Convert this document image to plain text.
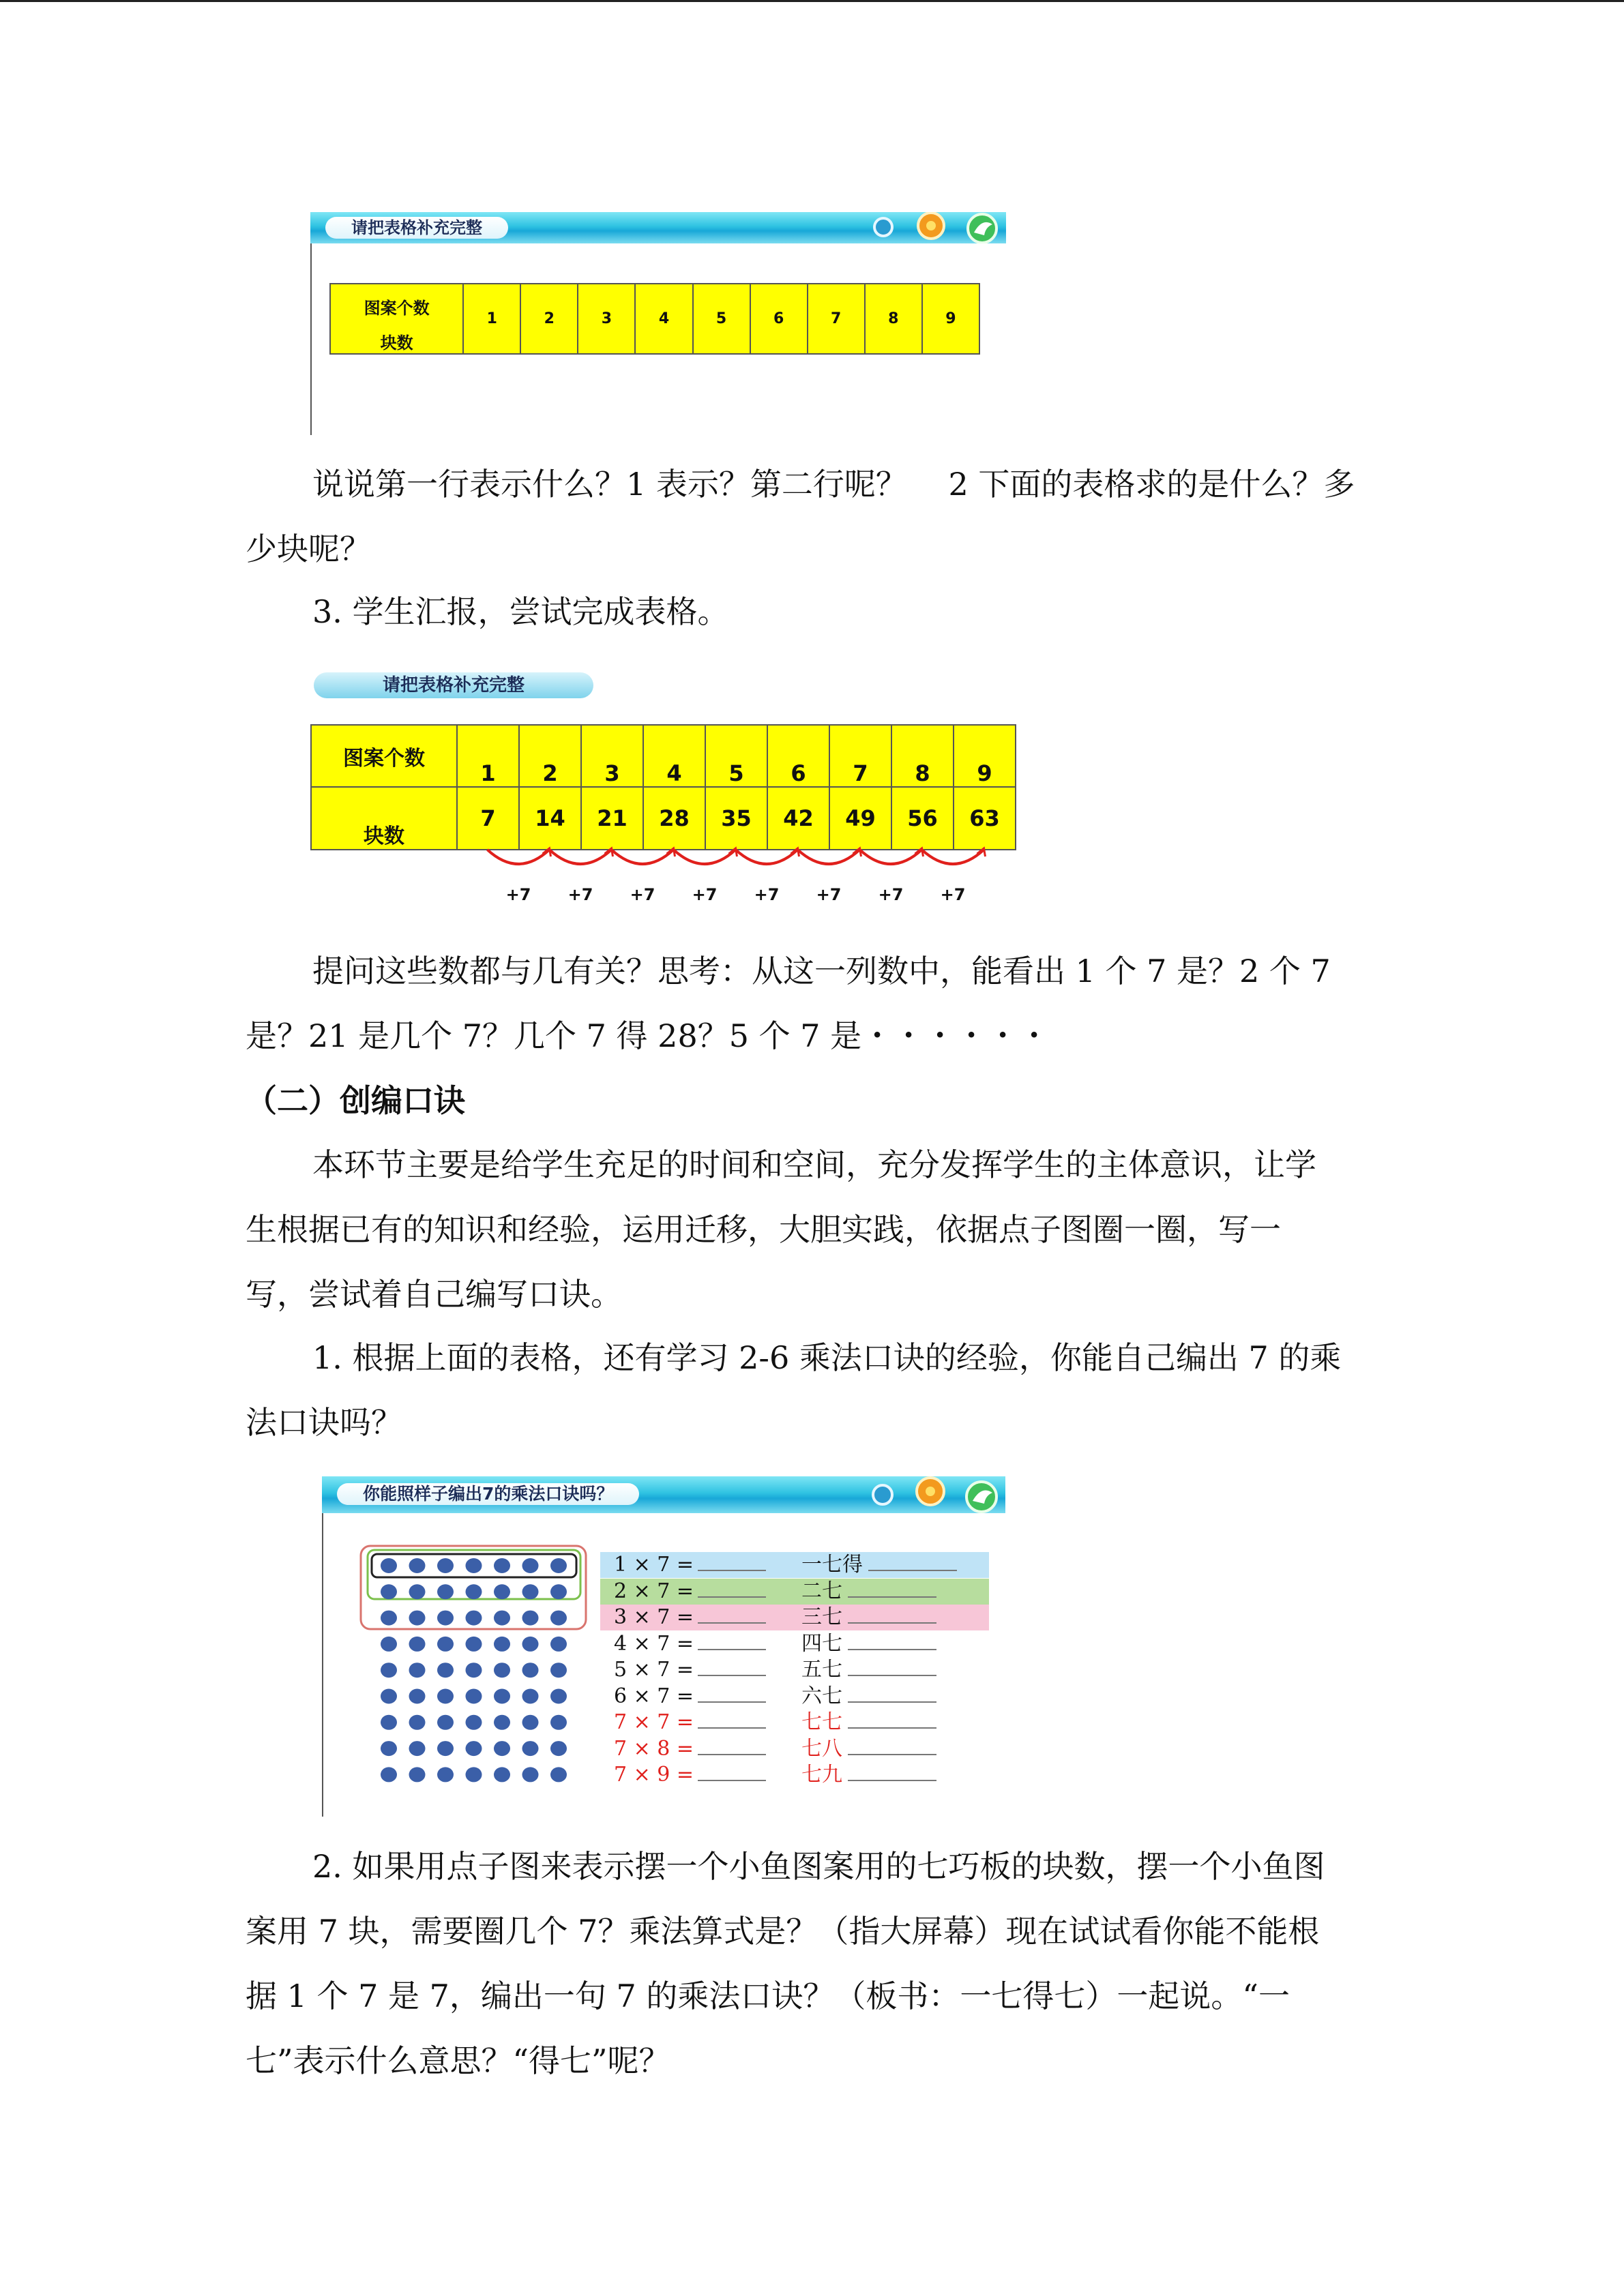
请把表格补充完整
图案个数	1	2	3	4	5	6	7	8	9
块数

说说第一行表示什么？1 表示？第二行呢？　 2 下面的表格求的是什么？多
少块呢？

3. 学生汇报，尝试完成表格。

请把表格补充完整
图案个数	1	2	3	4	5	6	7	8	9
块数	7	14	21	28	35	42	49	56	63
+7 +7 +7 +7 +7 +7 +7 +7

提问这些数都与几有关？思考：从这一列数中，能看出 1 个 7 是？2 个 7
是？21 是几个 7？几个 7 得 28？5 个 7 是・・・・・・

（二）创编口诀

本环节主要是给学生充足的时间和空间，充分发挥学生的主体意识，让学
生根据已有的知识和经验，运用迁移，大胆实践，依据点子图圈一圈，写一
写，尝试着自己编写口诀。

1. 根据上面的表格，还有学习 2-6 乘法口诀的经验，你能自己编出 7 的乘
法口诀吗？

你能照样子编出7的乘法口诀吗？
1 × 7 =	一七得
2 × 7 =	二七
3 × 7 =	三七
4 × 7 =	四七
5 × 7 =	五七
6 × 7 =	六七
7 × 7 =	七七
7 × 8 =	七八
7 × 9 =	七九

2. 如果用点子图来表示摆一个小鱼图案用的七巧板的块数，摆一个小鱼图
案用 7 块，需要圈几个 7？乘法算式是？（指大屏幕）现在试试看你能不能根
据 1 个 7 是 7，编出一句 7 的乘法口诀？（板书：一七得七）一起说。“一
七”表示什么意思？“得七”呢？
